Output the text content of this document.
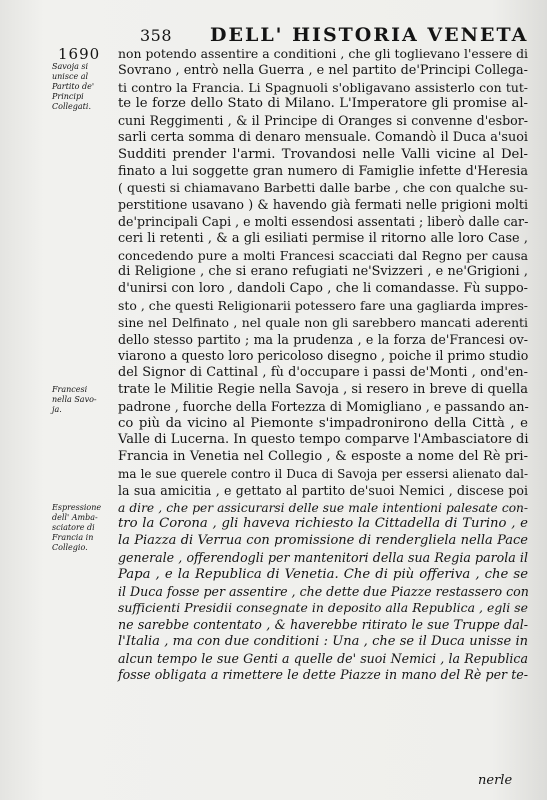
358 DELL' HISTORIA VENETA
1690
Savoja si
unisce al
Partito de'
Principi
Collegati.
Francesi
nella Savo-
ja.
Espressione
dell' Amba-
sciatore di
Francia in
Collegio.
non potendo assentire a conditioni , che gli toglievano l'essere di
Sovrano , entrò nella Guerra , e nel partito de'Principi Collega-
ti contro la Francia. Li Spagnuoli s'obligavano assisterlo con tut-
te le forze dello Stato di Milano. L'Imperatore gli promise al-
cuni Reggimenti , & il Principe di Oranges si convenne d'esbor-
sarli certa somma di denaro mensuale. Comandò il Duca a'suoi
Sudditi prender l'armi. Trovandosi nelle Valli vicine al Del-
finato a lui soggette gran numero di Famiglie infette d'Heresia
( questi si chiamavano Barbetti dalle barbe , che con qualche su-
perstitione usavano ) & havendo già fermati nelle prigioni molti
de'principali Capi , e molti essendosi assentati ; liberò dalle car-
ceri li retenti , & a gli esiliati permise il ritorno alle loro Case ,
concedendo pure a molti Francesi scacciati dal Regno per causa
di Religione , che si erano refugiati ne'Svizzeri , e ne'Grigioni ,
d'unirsi con loro , dandoli Capo , che li comandasse. Fù suppo-
sto , che questi Religionarii potessero fare una gagliarda impres-
sine nel Delfinato , nel quale non gli sarebbero mancati aderenti
dello stesso partito ; ma la prudenza , e la forza de'Francesi ov-
viarono a questo loro pericoloso disegno , poiche il primo studio
del Signor di Cattinal , fù d'occupare i passi de'Monti , ond'en-
trate le Militie Regie nella Savoja , si resero in breve di quella
padrone , fuorche della Fortezza di Momigliano , e passando an-
co più da vicino al Piemonte s'impadronirono della Città , e
Valle di Lucerna. In questo tempo comparve l'Ambasciatore di
Francia in Venetia nel Collegio , & esposte a nome del Rè pri-
ma le sue querele contro il Duca di Savoja per essersi alienato dal-
la sua amicitia , e gettato al partito de'suoi Nemici , discese poi
a dire , che per assicurarsi delle sue male intentioni palesate con-
tro la Corona , gli haveva richiesto la Cittadella di Turino , e
la Piazza di Verrua con promissione di rendergliela nella Pace
generale , offerendogli per mantenitori della sua Regia parola il
Papa , e la Republica di Venetia. Che di più offeriva , che se
il Duca fosse per assentire , che dette due Piazze restassero con
sufficienti Presidii consegnate in deposito alla Republica , egli se
ne sarebbe contentato , & haverebbe ritirato le sue Truppe dal-
l'Italia , ma con due conditioni : Una , che se il Duca unisse in
alcun tempo le sue Genti a quelle de' suoi Nemici , la Republica
fosse obligata a rimettere le dette Piazze in mano del Rè per te-
nerle
